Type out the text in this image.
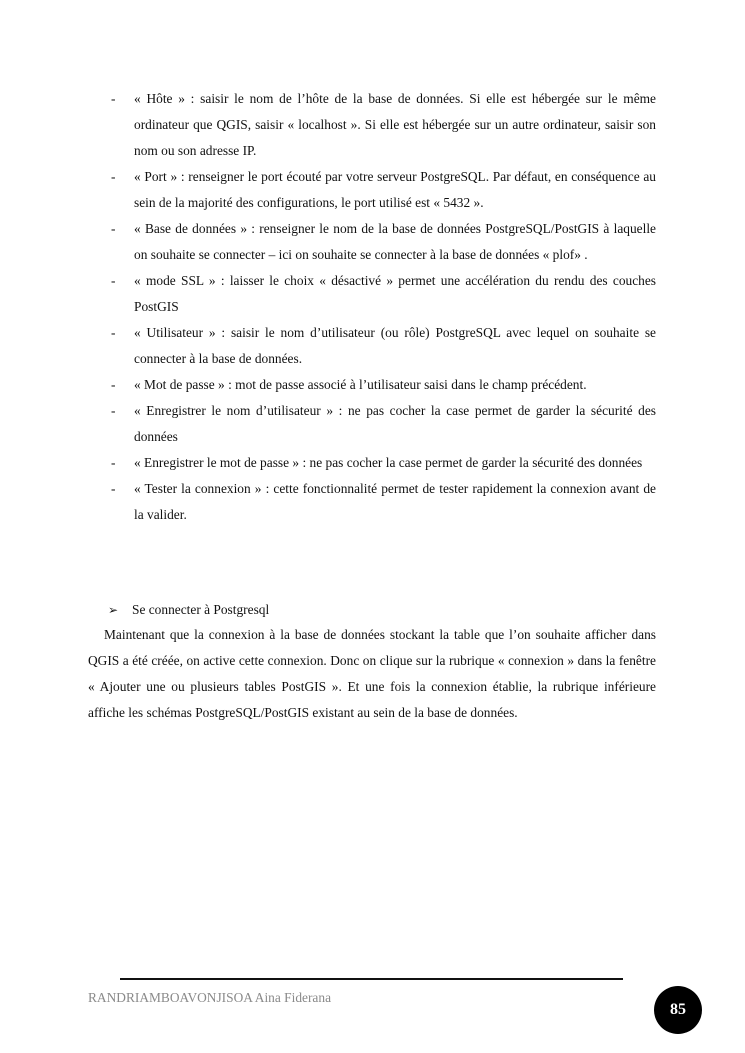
- « Hôte » : saisir le nom de l’hôte de la base de données. Si elle est hébergée sur le même ordinateur que QGIS, saisir « localhost ». Si elle est hébergée sur un autre ordinateur, saisir son nom ou son adresse IP.
- « Port » : renseigner le port écouté par votre serveur PostgreSQL. Par défaut, en conséquence au sein de la majorité des configurations, le port utilisé est « 5432 ».
- « Base de données » : renseigner le nom de la base de données PostgreSQL/PostGIS à laquelle on souhaite se connecter – ici on souhaite se connecter à la base de données « plof» .
- « mode SSL » : laisser le choix « désactivé » permet une accélération du rendu des couches PostGIS
- « Utilisateur » : saisir le nom d’utilisateur (ou rôle) PostgreSQL avec lequel on souhaite se connecter à la base de données.
- « Mot de passe » : mot de passe associé à l’utilisateur saisi dans le champ précédent.
- « Enregistrer le nom d’utilisateur » : ne pas cocher la case permet de garder la sécurité des données
- « Enregistrer le mot de passe » : ne pas cocher la case permet de garder la sécurité des données
- « Tester la connexion » : cette fonctionnalité permet de tester rapidement la connexion avant de la valider.

➢ Se connecter à Postgresql

Maintenant que la connexion à la base de données stockant la table que l’on souhaite afficher dans QGIS a été créée, on active cette connexion. Donc on clique sur la rubrique « connexion » dans la fenêtre « Ajouter une ou plusieurs tables PostGIS ». Et une fois la connexion établie, la rubrique inférieure affiche les schémas PostgreSQL/PostGIS existant au sein de la base de données.

RANDRIAMBOAVONJISOA Aina Fiderana

85
